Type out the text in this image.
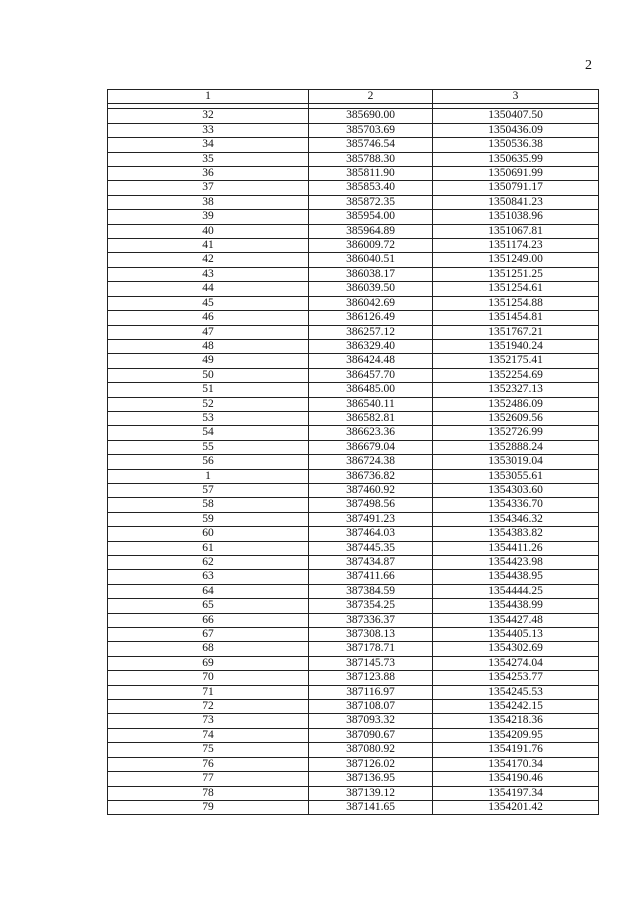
2
1	2	3

32	385690.00	1350407.50
33	385703.69	1350436.09
34	385746.54	1350536.38
35	385788.30	1350635.99
36	385811.90	1350691.99
37	385853.40	1350791.17
38	385872.35	1350841.23
39	385954.00	1351038.96
40	385964.89	1351067.81
41	386009.72	1351174.23
42	386040.51	1351249.00
43	386038.17	1351251.25
44	386039.50	1351254.61
45	386042.69	1351254.88
46	386126.49	1351454.81
47	386257.12	1351767.21
48	386329.40	1351940.24
49	386424.48	1352175.41
50	386457.70	1352254.69
51	386485.00	1352327.13
52	386540.11	1352486.09
53	386582.81	1352609.56
54	386623.36	1352726.99
55	386679.04	1352888.24
56	386724.38	1353019.04
1	386736.82	1353055.61
57	387460.92	1354303.60
58	387498.56	1354336.70
59	387491.23	1354346.32
60	387464.03	1354383.82
61	387445.35	1354411.26
62	387434.87	1354423.98
63	387411.66	1354438.95
64	387384.59	1354444.25
65	387354.25	1354438.99
66	387336.37	1354427.48
67	387308.13	1354405.13
68	387178.71	1354302.69
69	387145.73	1354274.04
70	387123.88	1354253.77
71	387116.97	1354245.53
72	387108.07	1354242.15
73	387093.32	1354218.36
74	387090.67	1354209.95
75	387080.92	1354191.76
76	387126.02	1354170.34
77	387136.95	1354190.46
78	387139.12	1354197.34
79	387141.65	1354201.42
